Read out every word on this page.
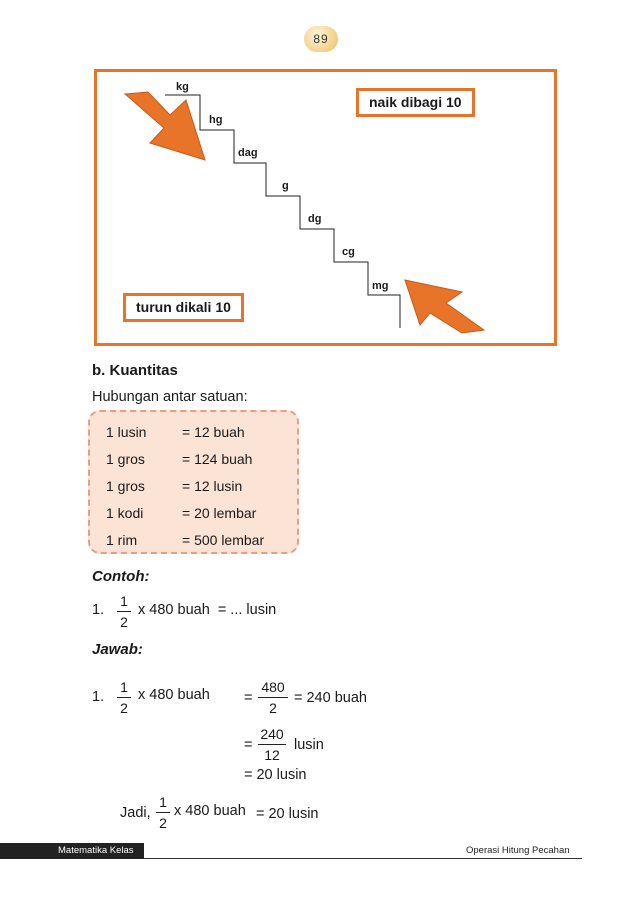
89
kg
hg
dag
g
dg
cg
mg
naik dibagi 10
turun dikali 10
b. Kuantitas
Hubungan antar satuan:
1 lusin	= 12 buah
1 gros	= 124 buah
1 gros	= 12 lusin
1 kodi	= 20 lembar
1 rim	= 500 lembar
Contoh:
1.
1
2
x 480 buah  = ... lusin
Jawab:
1.
1
2
x 480 buah =
480
2
= 240 buah
=
240
12
lusin
= 20 lusin
Jadi,
1
2
x 480 buah = 20 lusin
Matematika Kelas VI
Operasi Hitung Pecahan
